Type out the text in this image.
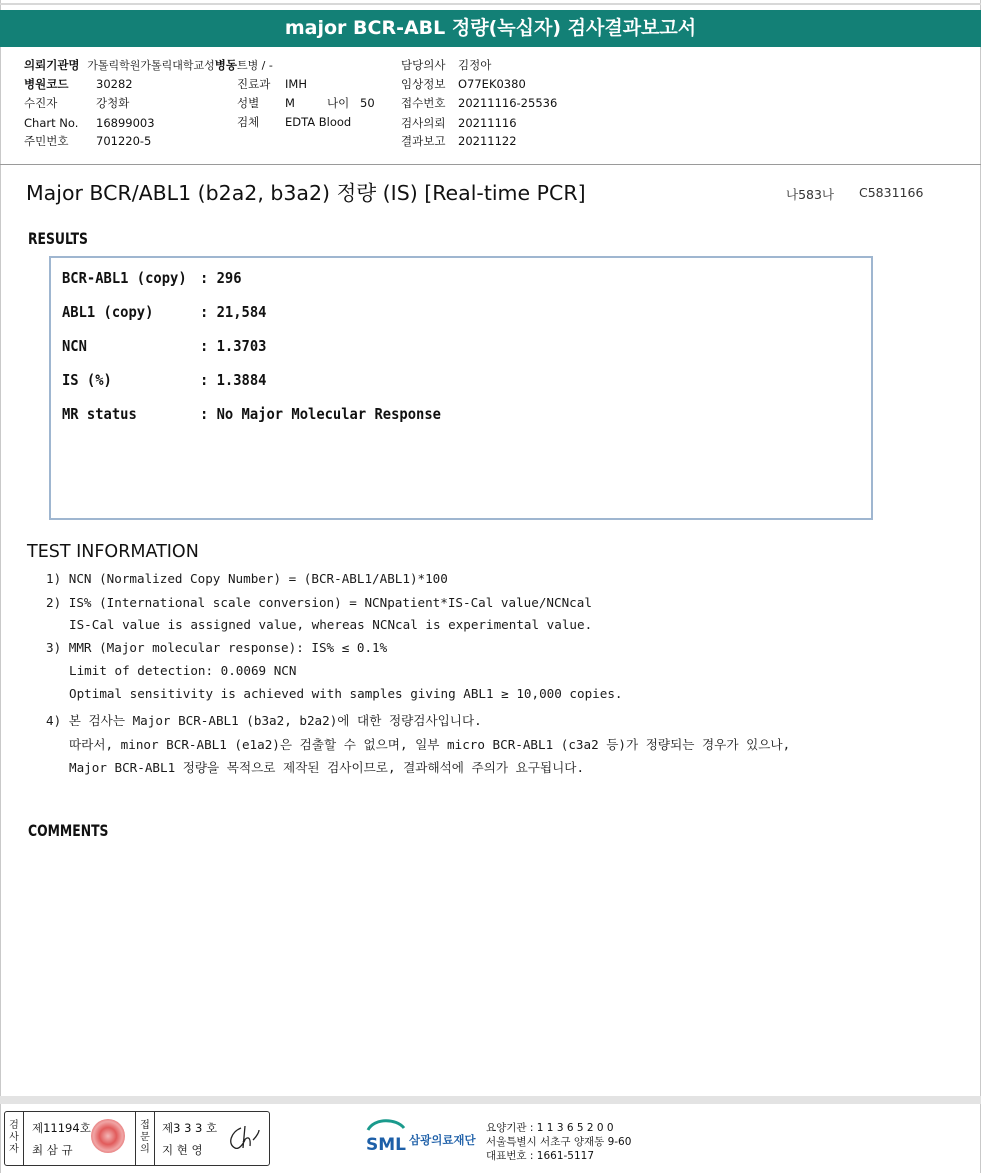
major BCR-ABL 정량(녹십자) 검사결과보고서
의뢰기관명 가톨릭학원가톨릭대학교성병동트병 / -
병원코드 30282
수진자	강청화
Chart No. 16899003
주민번호 701220-5
진료과 IMH
성별 M	나이 50
검체 EDTA Blood
담당의사 김정아
임상정보 O77EK0380
접수번호 20211116-25536
검사의뢰 20211116
결과보고 20211122
Major BCR/ABL1 (b2a2, b3a2) 정량 (IS) [Real-time PCR]	나583나 C5831166
RESULTS
BCR-ABL1 (copy) : 296
ABL1 (copy)	: 21,584
NCN	: 1.3703
IS (%)	: 1.3884
MR status	: No Major Molecular Response
TEST INFORMATION
1) NCN (Normalized Copy Number) = (BCR-ABL1/ABL1)*100
2) IS% (International scale conversion) = NCNpatient*IS-Cal value/NCNcal
IS-Cal value is assigned value, whereas NCNcal is experimental value.
3) MMR (Major molecular response): IS% ≤ 0.1%
Limit of detection: 0.0069 NCN
Optimal sensitivity is achieved with samples giving ABL1 ≥ 10,000 copies.
4) 본 검사는 Major BCR-ABL1 (b3a2, b2a2)에 대한 정량검사입니다.
따라서, minor BCR-ABL1 (e1a2)은 검출할 수 없으며, 일부 micro BCR-ABL1 (c3a2 등)가 정량되는 경우가 있으나,
Major BCR-ABL1 정량을 목적으로 제작된 검사이므로, 결과해석에 주의가 요구됩니다.
COMMENTS
검
사
자
접
문
의
제11194호
최 삼 규
제3 3 3 호
지 현 영	SML 삼광의료재단
요양기관 : 1 1 3 6 5 2 0 0
서울특별시 서초구 양재동 9-60
대표번호 : 1661-5117
